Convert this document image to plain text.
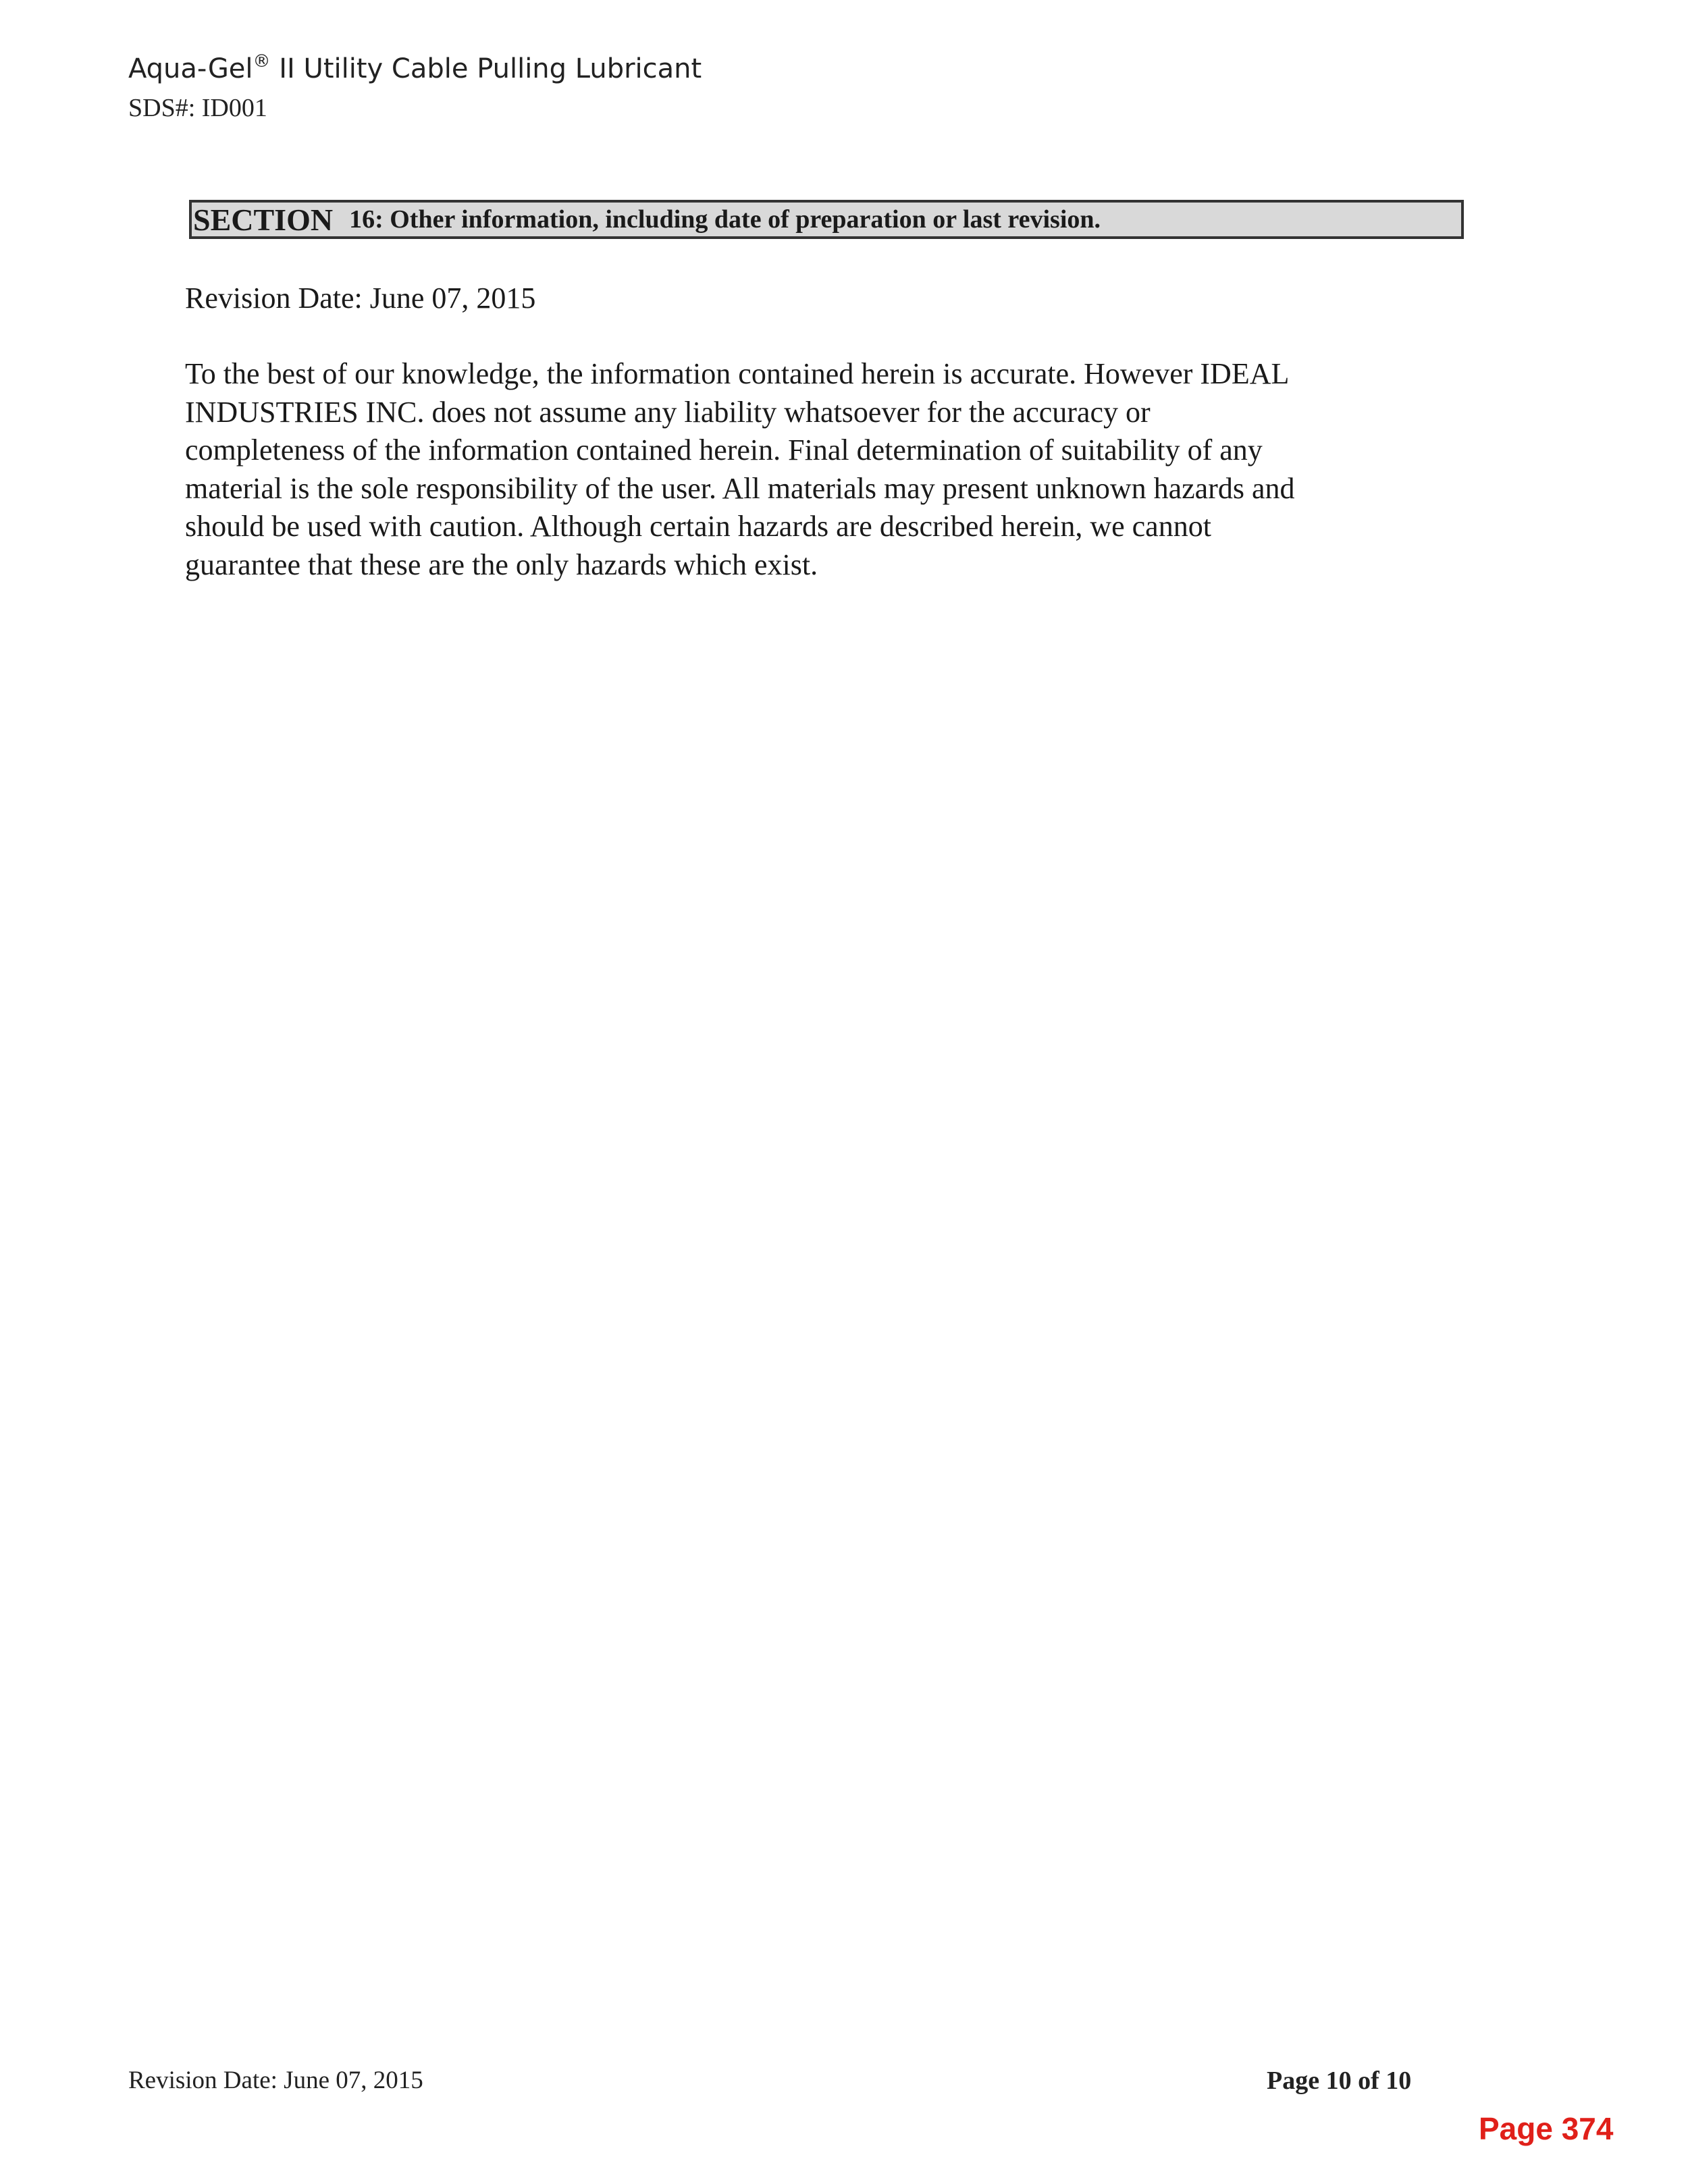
Aqua-Gel® II Utility Cable Pulling Lubricant
SDS#: ID001
SECTION 16: Other information, including date of preparation or last revision.
Revision Date: June 07, 2015
To the best of our knowledge, the information contained herein is accurate. However IDEAL
INDUSTRIES INC. does not assume any liability whatsoever for the accuracy or
completeness of the information contained herein. Final determination of suitability of any
material is the sole responsibility of the user. All materials may present unknown hazards and
should be used with caution. Although certain hazards are described herein, we cannot
guarantee that these are the only hazards which exist.
Revision Date: June 07, 2015	Page 10 of 10
Page 374
